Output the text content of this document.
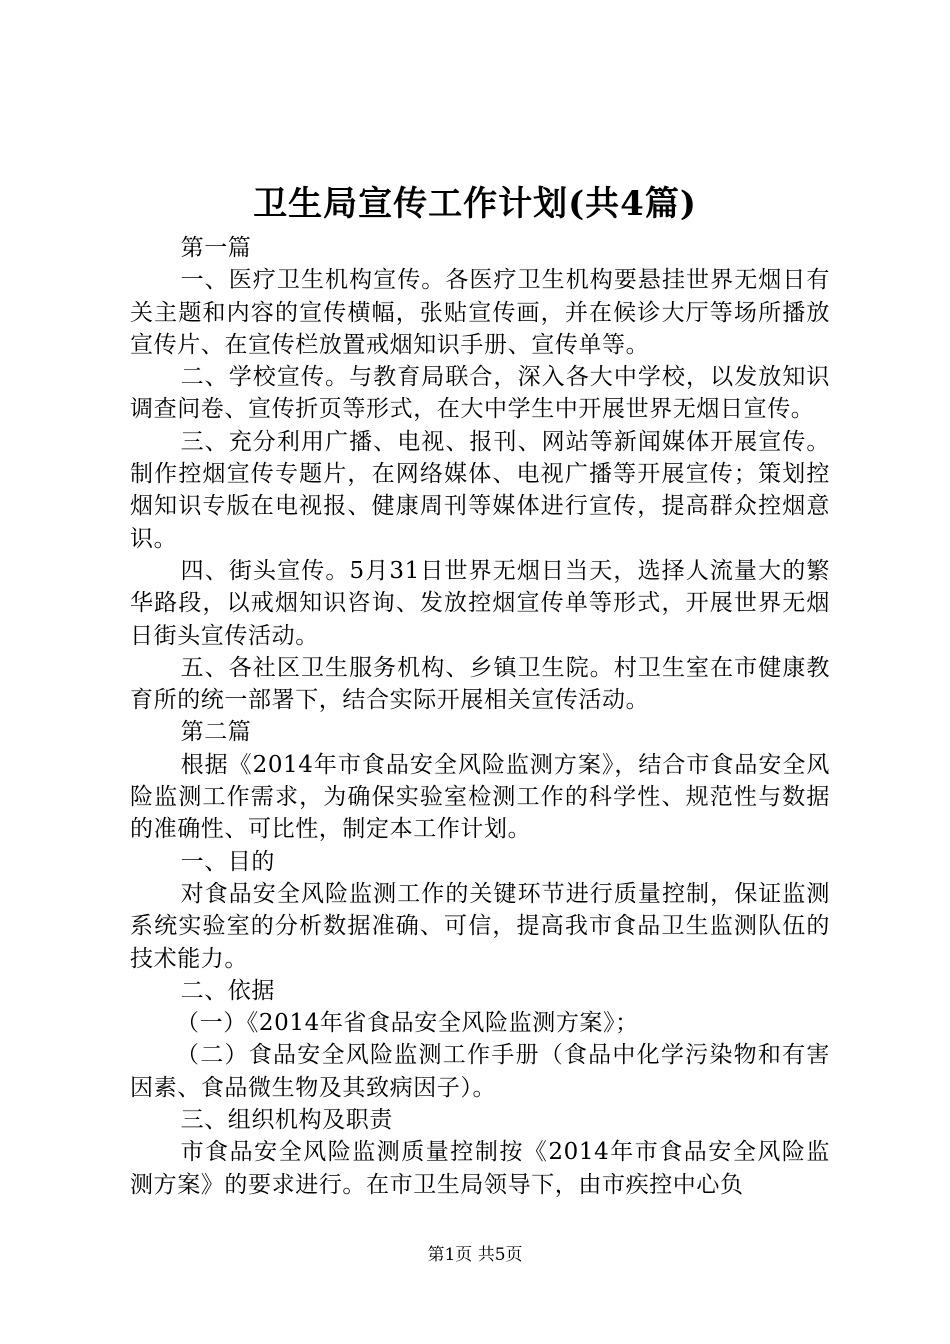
卫生局宣传工作计划(共4篇)

第一篇

一、医疗卫生机构宣传。各医疗卫生机构要悬挂世界无烟日有关主题和内容的宣传横幅，张贴宣传画，并在候诊大厅等场所播放宣传片、在宣传栏放置戒烟知识手册、宣传单等。

二、学校宣传。与教育局联合，深入各大中学校，以发放知识调查问卷、宣传折页等形式，在大中学生中开展世界无烟日宣传。

三、充分利用广播、电视、报刊、网站等新闻媒体开展宣传。制作控烟宣传专题片，在网络媒体、电视广播等开展宣传；策划控烟知识专版在电视报、健康周刊等媒体进行宣传，提高群众控烟意识。

四、街头宣传。5月31日世界无烟日当天，选择人流量大的繁华路段，以戒烟知识咨询、发放控烟宣传单等形式，开展世界无烟日街头宣传活动。

五、各社区卫生服务机构、乡镇卫生院。村卫生室在市健康教育所的统一部署下，结合实际开展相关宣传活动。

第二篇

根据《2014年市食品安全风险监测方案》，结合市食品安全风险监测工作需求，为确保实验室检测工作的科学性、规范性与数据的准确性、可比性，制定本工作计划。

一、目的

对食品安全风险监测工作的关键环节进行质量控制，保证监测系统实验室的分析数据准确、可信，提高我市食品卫生监测队伍的技术能力。

二、依据

（一）《2014年省食品安全风险监测方案》；

（二）食品安全风险监测工作手册（食品中化学污染物和有害因素、食品微生物及其致病因子）。

三、组织机构及职责

市食品安全风险监测质量控制按《2014年市食品安全风险监测方案》的要求进行。在市卫生局领导下，由市疾控中心负

第1页 共5页
